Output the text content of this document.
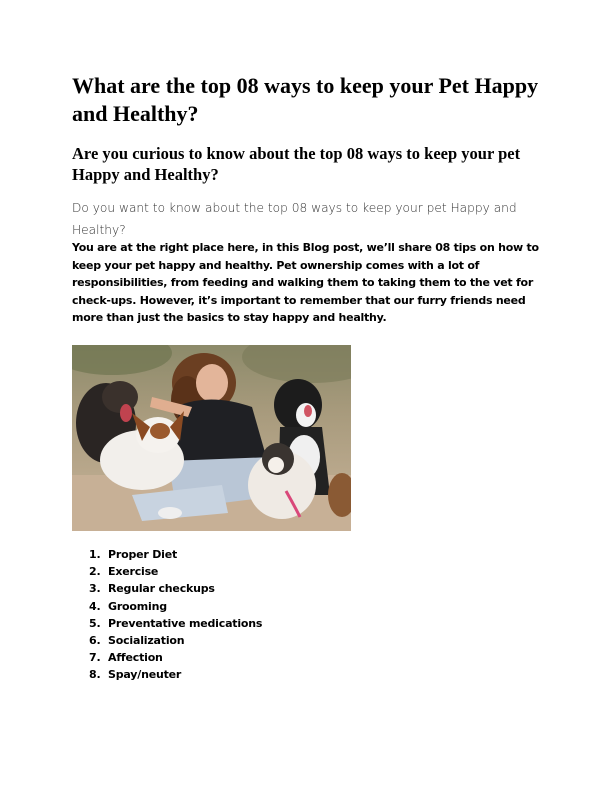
What are the top 08 ways to keep your Pet Happy and Healthy?
Are you curious to know about the top 08 ways to keep your pet Happy and Healthy?

Do you want to know about the top 08 ways to keep your pet Happy and Healthy?

You are at the right place here, in this Blog post, we’ll share 08 tips on how to keep your pet happy and healthy. Pet ownership comes with a lot of responsibilities, from feeding and walking them to taking them to the vet for check-ups. However, it’s important to remember that our furry friends need more than just the basics to stay happy and healthy.

1. Proper Diet
2. Exercise
3. Regular checkups
4. Grooming
5. Preventative medications
6. Socialization
7. Affection
8. Spay/neuter
